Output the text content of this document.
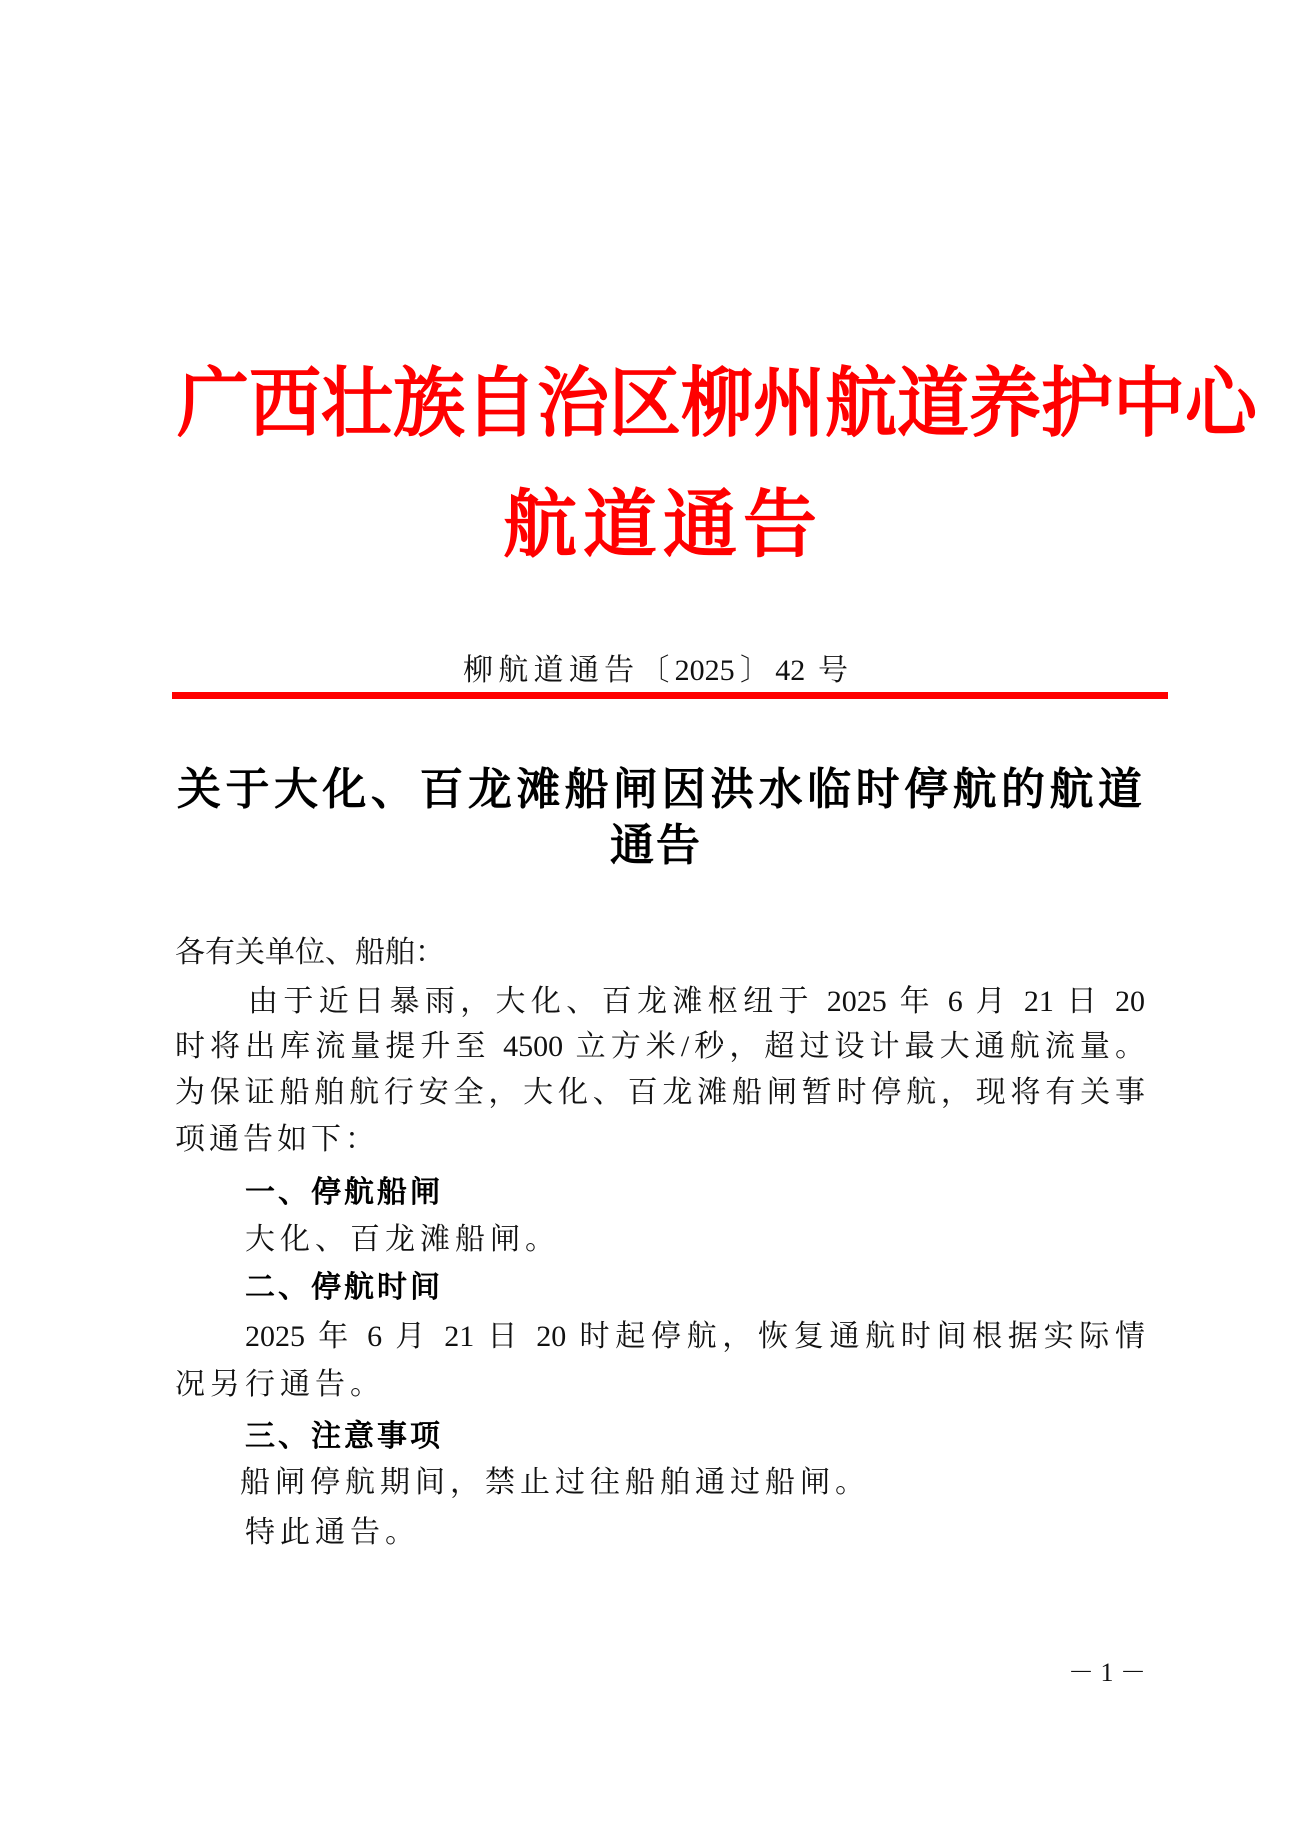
广西壮族自治区柳州航道养护中心
航道通告
柳航道通告〔2025〕42 号
关于大化、百龙滩船闸因洪水临时停航的航道
通告
各有关单位、船舶：
由于近日暴雨，大化、百龙滩枢纽于 2025 年 6 月 21 日 20
时将出库流量提升至 4500 立方米/秒，超过设计最大通航流量。
为保证船舶航行安全，大化、百龙滩船闸暂时停航，现将有关事
项通告如下：
一、停航船闸
大化、百龙滩船闸。
二、停航时间
2025 年 6 月 21 日 20 时起停航，恢复通航时间根据实际情
况另行通告。
三、注意事项
船闸停航期间，禁止过往船舶通过船闸。
特此通告。
－ 1 －
